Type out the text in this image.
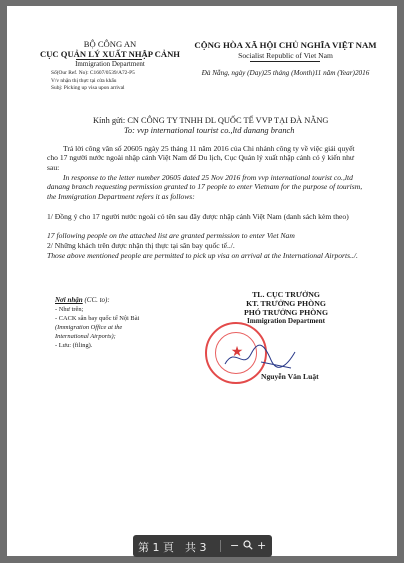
BỘ CÔNG AN
CỤC QUẢN LÝ XUẤT NHẬP CẢNH
Immigration Department
Số(Our Ref. No): C1607/0539/A72-P5
V/v nhận thị thực tại cửa khẩu
Subj: Picking up visa upon arrival
CỘNG HÒA XÃ HỘI CHỦ NGHĨA VIỆT NAM
Socialist Republic of Viet Nam
Đà Nẵng, ngày (Day)25 tháng (Month)11 năm (Year)2016
Kính gửi: CN CÔNG TY TNHH DL QUỐC TẾ VVP TẠI ĐÀ NẴNG
To: vvp international tourist co.,ltd danang branch
Trả lời công văn số 20605 ngày 25 tháng 11 năm 2016 của Chi nhánh công ty về việc giải quyết cho 17 người nước ngoài nhập cảnh Việt Nam để Du lịch, Cục Quản lý xuất nhập cảnh có ý kiến như sau:
In response to the letter number 20605 dated 25 Nov 2016 from vvp international tourist co.,ltd danang branch requesting permission granted to 17 people to enter Vietnam for the purpose of tourism, the Immigration Department refers it as follows:
1/ Đồng ý cho 17 người nước ngoài có tên sau đây được nhập cảnh Việt Nam (danh sách kèm theo)
17 following people on the attached list are granted permission to enter Viet Nam
2/ Những khách trên được nhận thị thực tại sân bay quốc tế../.
Those above mentioned people are permitted to pick up visa on arrival at the International Airports../.
Nơi nhận (CC. to):
- Như trên;
- CACK sân bay quốc tế Nội Bài
(Immigration Office at the
International Airports);
- Lưu: (filing).
TL. CỤC TRƯỞNG
KT. TRƯỞNG PHÒNG
PHÓ TRƯỞNG PHÒNG
Immigration Department
★
Nguyễn Văn Luật
第 1 頁 共 3 − +
